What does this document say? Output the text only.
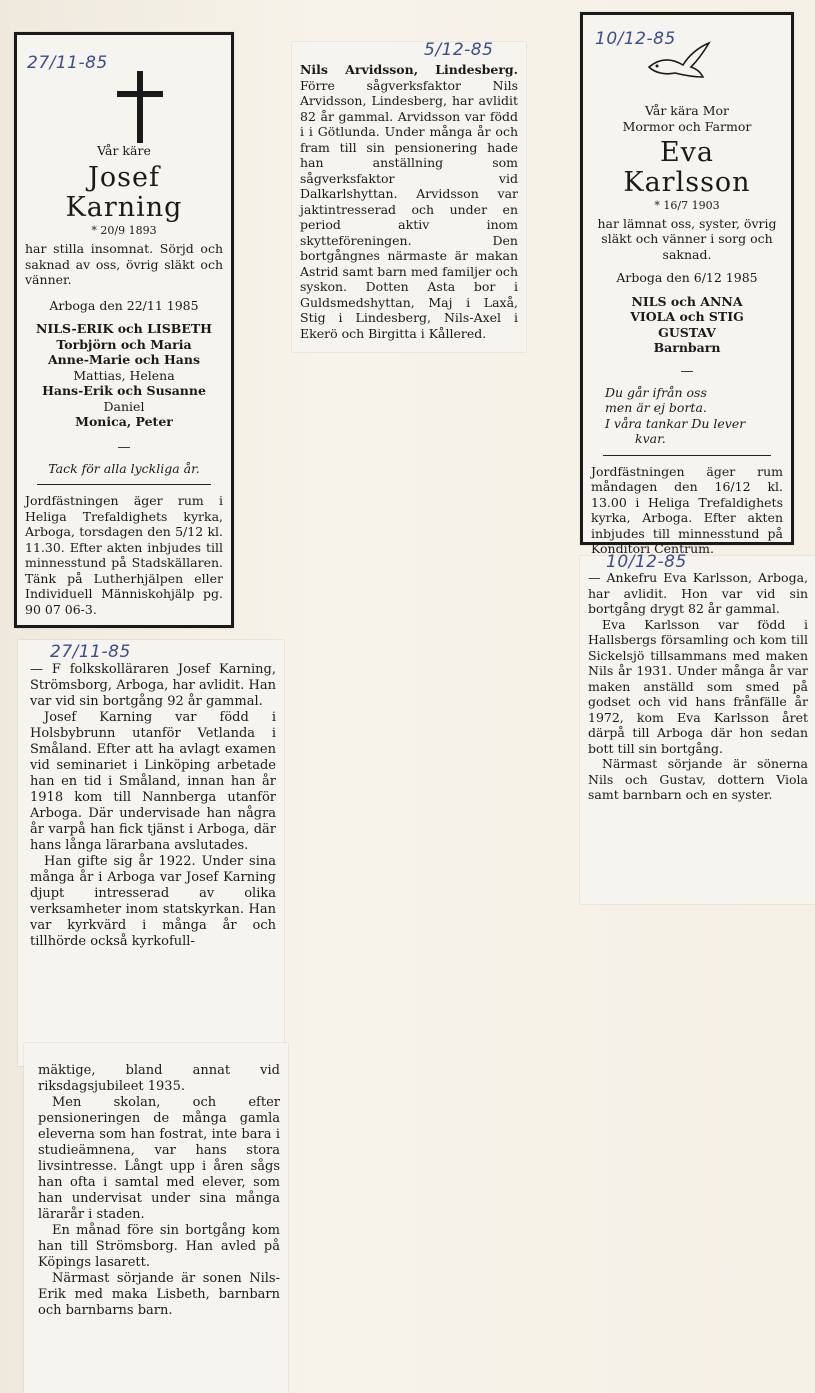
27/11-85
Vår käre
Josef
Karning
* 20/9 1893
har stilla insomnat. Sörjd och saknad av oss, övrig släkt och vänner.
Arboga den 22/11 1985
NILS-ERIK och LISBETH
Torbjörn och Maria
Anne-Marie och Hans
Mattias, Helena
Hans-Erik och Susanne
Daniel
Monica, Peter
—
Tack för alla lyckliga år.
Jordfästningen äger rum i Heliga Trefaldighets kyrka, Arboga, torsdagen den 5/12 kl. 11.30. Efter akten inbjudes till minnesstund på Stadskällaren. Tänk på Lutherhjälpen eller Individuell Människohjälp pg. 90 07 06-3.
5/12-85
Nils Arvidsson, Lindesberg. Förre sågverksfaktor Nils Arvidsson, Lindesberg, har avlidit 82 år gammal. Arvidsson var född i i Götlunda. Under många år och fram till sin pensionering hade han anställning som sågverksfaktor vid Dalkarlshyttan. Arvidsson var jaktintresserad och under en period aktiv inom skytteföreningen. Den bortgångnes närmaste är makan Astrid samt barn med familjer och syskon. Dotten Asta bor i Guldsmedshyttan, Maj i Laxå, Stig i Lindesberg, Nils-Axel i Ekerö och Birgitta i Kållered.
10/12-85
Vår kära Mor
Mormor och Farmor
Eva
Karlsson
* 16/7 1903
har lämnat oss, syster, övrig släkt och vänner i sorg och saknad.
Arboga den 6/12 1985
NILS och ANNA
VIOLA och STIG
GUSTAV
Barnbarn
—
Du går ifrån oss
men är ej borta.
I våra tankar Du lever
kvar.
Jordfästningen äger rum måndagen den 16/12 kl. 13.00 i Heliga Trefaldighets kyrka, Arboga. Efter akten inbjudes till minnesstund på Konditori Centrum.
10/12-85
— Ankefru Eva Karlsson, Arboga, har avlidit. Hon var vid sin bortgång drygt 82 år gammal.
Eva Karlsson var född i Hallsbergs församling och kom till Sickelsjö tillsammans med maken Nils år 1931. Under många år var maken anställd som smed på godset och vid hans frånfälle år 1972, kom Eva Karlsson året därpå till Arboga där hon sedan bott till sin bortgång.
Närmast sörjande är sönerna Nils och Gustav, dottern Viola samt barnbarn och en syster.
27/11-85
— F folkskolläraren Josef Karning, Strömsborg, Arboga, har avlidit. Han var vid sin bortgång 92 år gammal.
Josef Karning var född i Holsbybrunn utanför Vetlanda i Småland. Efter att ha avlagt examen vid seminariet i Linköping arbetade han en tid i Småland, innan han år 1918 kom till Nannberga utanför Arboga. Där undervisade han några år varpå han fick tjänst i Arboga, där hans långa lärarbana avslutades.
Han gifte sig år 1922. Under sina många år i Arboga var Josef Karning djupt intresserad av olika verksamheter inom statskyrkan. Han var kyrkvärd i många år och tillhörde också kyrkofull-
mäktige, bland annat vid riksdagsjubileet 1935.
Men skolan, och efter pensioneringen de många gamla eleverna som han fostrat, inte bara i studieämnena, var hans stora livsintresse. Långt upp i åren sågs han ofta i samtal med elever, som han undervisat under sina många lärarår i staden.
En månad före sin bortgång kom han till Strömsborg. Han avled på Köpings lasarett.
Närmast sörjande är sonen Nils-Erik med maka Lisbeth, barnbarn och barnbarns barn.
